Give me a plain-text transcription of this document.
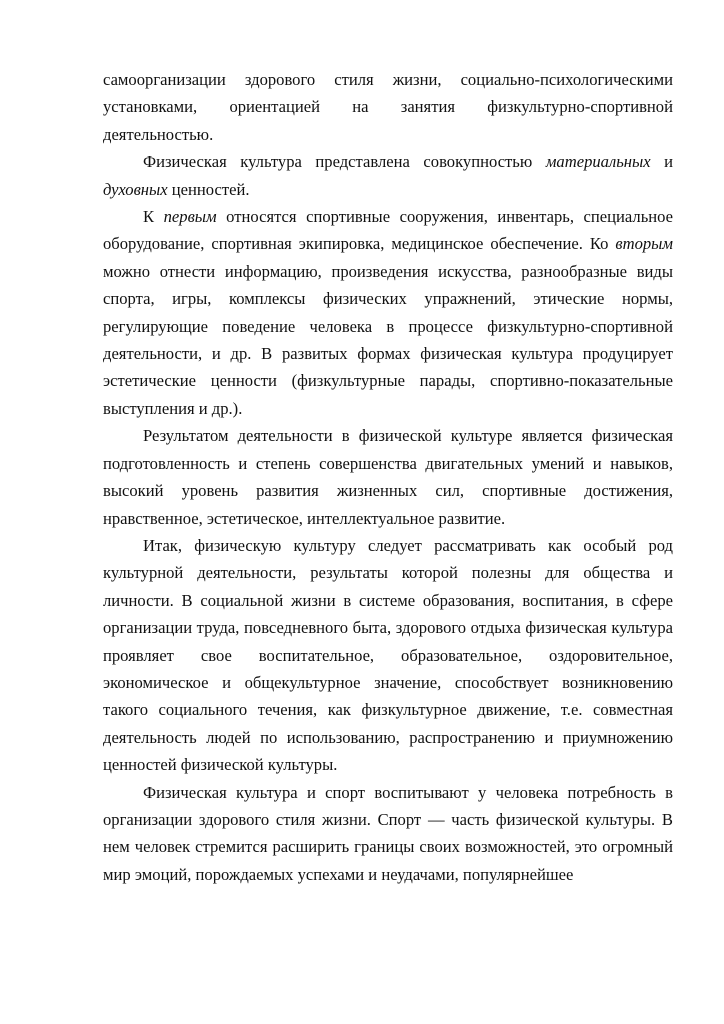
самоорганизации здорового стиля жизни, социально-психологическими установками, ориентацией на занятия физкультурно-спортивной деятельностью.

Физическая культура представлена совокупностью материальных и духовных ценностей.

К первым относятся спортивные сооружения, инвентарь, специальное оборудование, спортивная экипировка, медицинское обеспечение. Ко вторым можно отнести информацию, произведения искусства, разнообразные виды спорта, игры, комплексы физических упражнений, этические нормы, регулирующие поведение человека в процессе физкультурно-спортивной деятельности, и др. В развитых формах физическая культура продуцирует эстетические ценности (физкультурные парады, спортивно-показательные выступления и др.).

Результатом деятельности в физической культуре является физическая подготовленность и степень совершенства двигательных умений и навыков, высокий уровень развития жизненных сил, спортивные достижения, нравственное, эстетическое, интеллектуальное развитие.

Итак, физическую культуру следует рассматривать как особый род культурной деятельности, результаты которой полезны для общества и личности. В социальной жизни в системе образования, воспитания, в сфере организации труда, повседневного быта, здорового отдыха физическая культура проявляет свое воспитательное, образовательное, оздоровительное, экономическое и общекультурное значение, способствует возникновению такого социального течения, как физкультурное движение, т.е. совместная деятельность людей по использованию, распространению и приумножению ценностей физической культуры.

Физическая культура и спорт воспитывают у человека потребность в организации здорового стиля жизни. Спорт — часть физической культуры. В нем человек стремится расширить границы своих возможностей, это огромный мир эмоций, порождаемых успехами и неудачами, популярнейшее
